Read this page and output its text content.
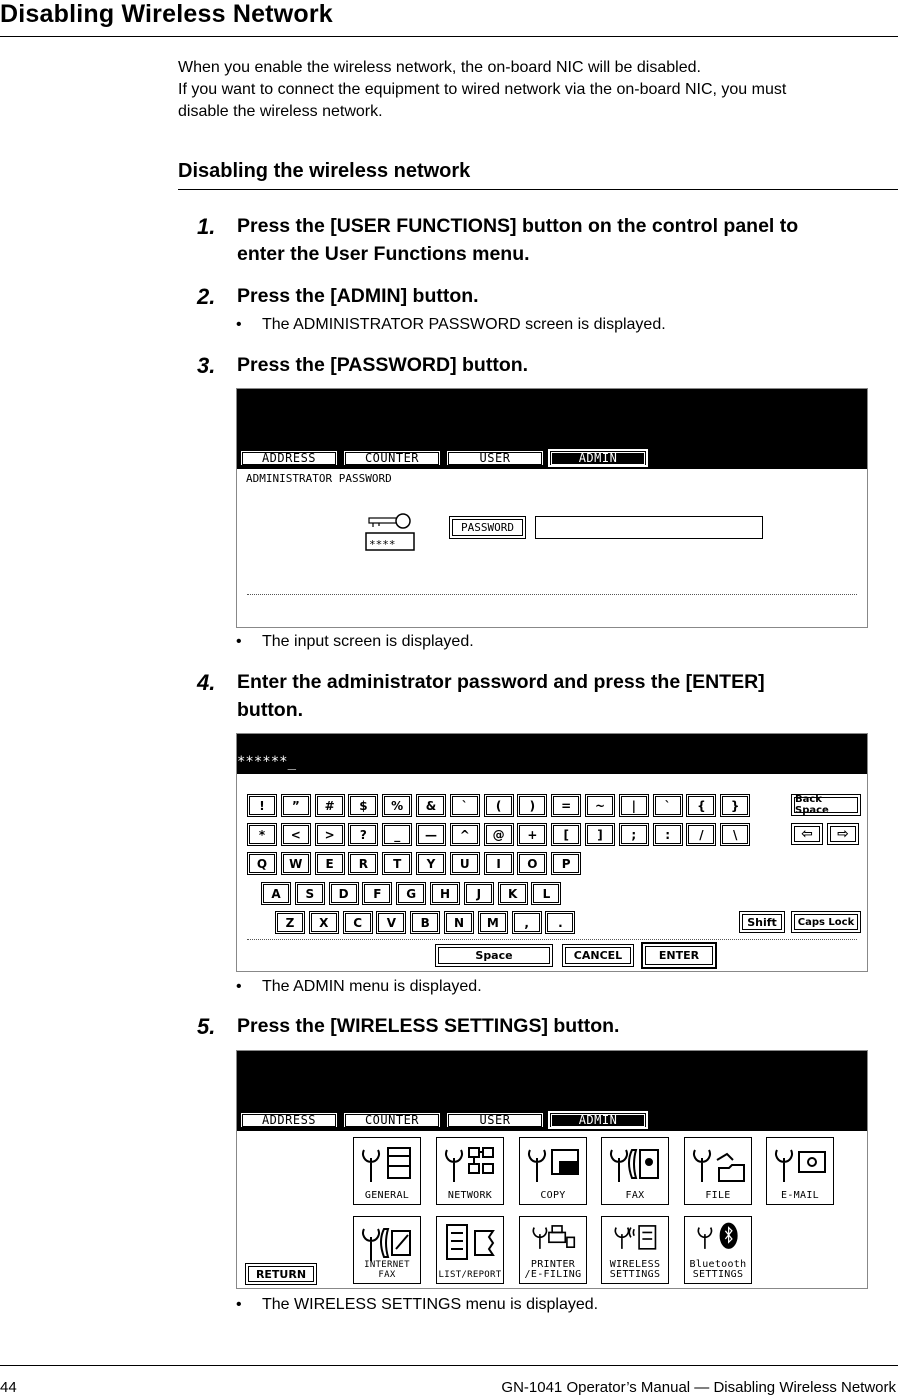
Disabling Wireless Network
When you enable the wireless network, the on-board NIC will be disabled.
If you want to connect the equipment to wired network via the on-board NIC, you must
disable the wireless network.
Disabling the wireless network
1. Press the [USER FUNCTIONS] button on the control panel to
enter the User Functions menu.
2. Press the [ADMIN] button.
• The ADMINISTRATOR PASSWORD screen is displayed.
3. Press the [PASSWORD] button.
ADDRESS	COUNTER	USER	ADMIN
ADMINISTRATOR PASSWORD
****_
PASSWORD
• The input screen is displayed.
4. Enter the administrator password and press the [ENTER]
button.
******_
Back Space
⇦	⇨
Shift	Caps Lock
Space	CANCEL	ENTER
!	”	#	$	%	&	`	(	)	=	~	|	`	{	}
*	<	>	?	_	—	^	@	+	[	]	;	:	/	\
Q	W	E	R	T	Y	U	I	O	P
A	S	D	F	G	H	J	K	L
Z	X	C	V	B	N	M	,	.
• The ADMIN menu is displayed.
5. Press the [WIRELESS SETTINGS] button.
ADDRESS	COUNTER	USER	ADMIN
GENERAL	NETWORK	COPY	FAX	FILE	E-MAIL
INTERNET FAX	LIST/REPORT
PRINTER
/E-FILING
WIRELESS
SETTINGS
Bluetooth
SETTINGS
RETURN
• The WIRELESS SETTINGS menu is displayed.
44	GN-1041 Operator’s Manual — Disabling Wireless Network
